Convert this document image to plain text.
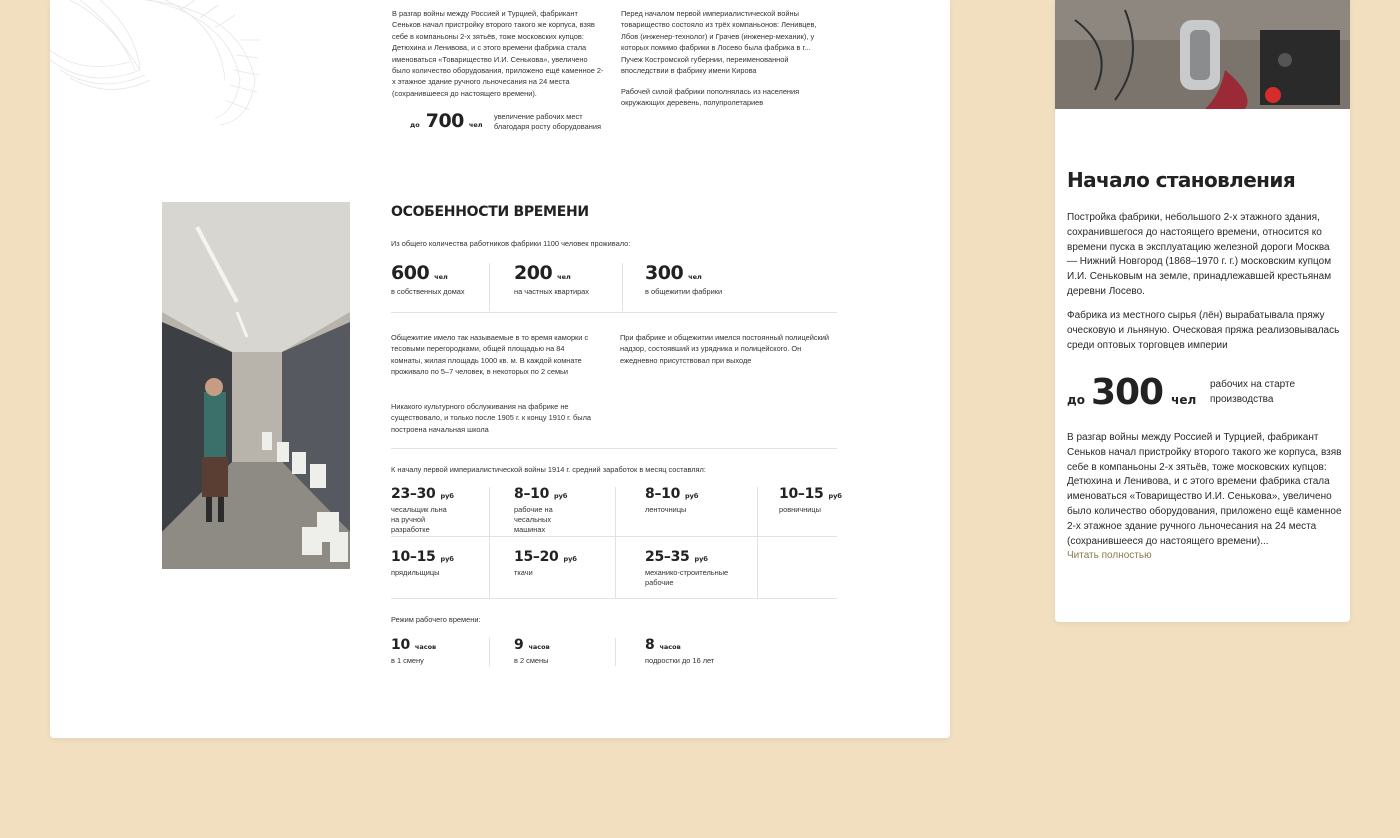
В разгар войны между Россией и Турцией, фабрикант Сеньков начал пристройку второго такого же корпуса, взяв себе в компаньоны 2-х зятьёв, тоже московских купцов: Детюхина и Ленивова, и с этого времени фабрика стала именоваться «Товарищество И.И. Сенькова», увеличено было количество оборудования, приложено ещё каменное 2-х этажное здание ручного льночесания на 24 места (сохранившееся до настоящего времени).
Перед началом первой империалистической войны товарищество состояло из трёх компаньонов: Ленивцев, Лбов (инженер-технолог) и Грачев (инженер-механик), у которых помимо фабрики в Лосево была фабрика в г... Пучеж Костромской губернии, переименованной впоследствии в фабрику имени Кирова
Рабочей силой фабрики пополнялась из населения окружающих деревень, полупролетариев
до 700 чел
увеличение рабочих мест благодаря росту оборудования
ОСОБЕННОСТИ ВРЕМЕНИ
Из общего количества работников фабрики 1100 человек проживало:
600 чел
в собственных домах
200 чел
на частных квартирах
300 чел
в общежитии фабрики
Общежитие имело так называемые в то время каморки с тесовыми перегородками, общей площадью на 84 комнаты, жилая площадь 1000 кв. м. В каждой комнате проживало по 5–7 человек, в некоторых по 2 семьи
Никакого культурного обслуживания на фабрике не существовало, и только после 1905 г. к концу 1910 г. была построена начальная школа
При фабрике и общежитии имелся постоянный полицейский надзор, состоявший из урядника и полицейского. Он ежедневно присутствовал при выходе
К началу первой империалистической войны 1914 г. средний заработок в месяц составлял:
23–30 руб
чесальщик льна на ручной разработке
8–10 руб
рабочие на чесальных машинах
8–10 руб
ленточницы
10–15 руб
ровничницы
10–15 руб
прядильщицы
15–20 руб
ткачи
25–35 руб
механико-строительные рабочие
Режим рабочего времени:
10 часов
в 1 смену
9 часов
в 2 смены
8 часов
подростки до 16 лет
Начало становления
Постройка фабрики, небольшого 2-х этажного здания, сохранившегося до настоящего времени, относится ко времени пуска в эксплуатацию железной дороги Москва — Нижний Новгород (1868–1970 г. г.) московским купцом И.И. Сеньковым на земле, принадлежавшей крестьянам деревни Лосево.
Фабрика из местного сырья (лён) вырабатывала пряжу оческовую и льняную. Оческовая пряжа реализовывалась среди оптовых торговцев империи
до 300 чел
рабочих на старте производства
В разгар войны между Россией и Турцией, фабрикант Сеньков начал пристройку второго такого же корпуса, взяв себе в компаньоны 2-х зятьёв, тоже московских купцов: Детюхина и Ленивова, и с этого времени фабрика стала именоваться «Товарищество И.И. Сенькова», увеличено было количество оборудования, приложено ещё каменное 2-х этажное здание ручного льночесания на 24 места (сохранившееся до настоящего времени)...
Читать полностью
